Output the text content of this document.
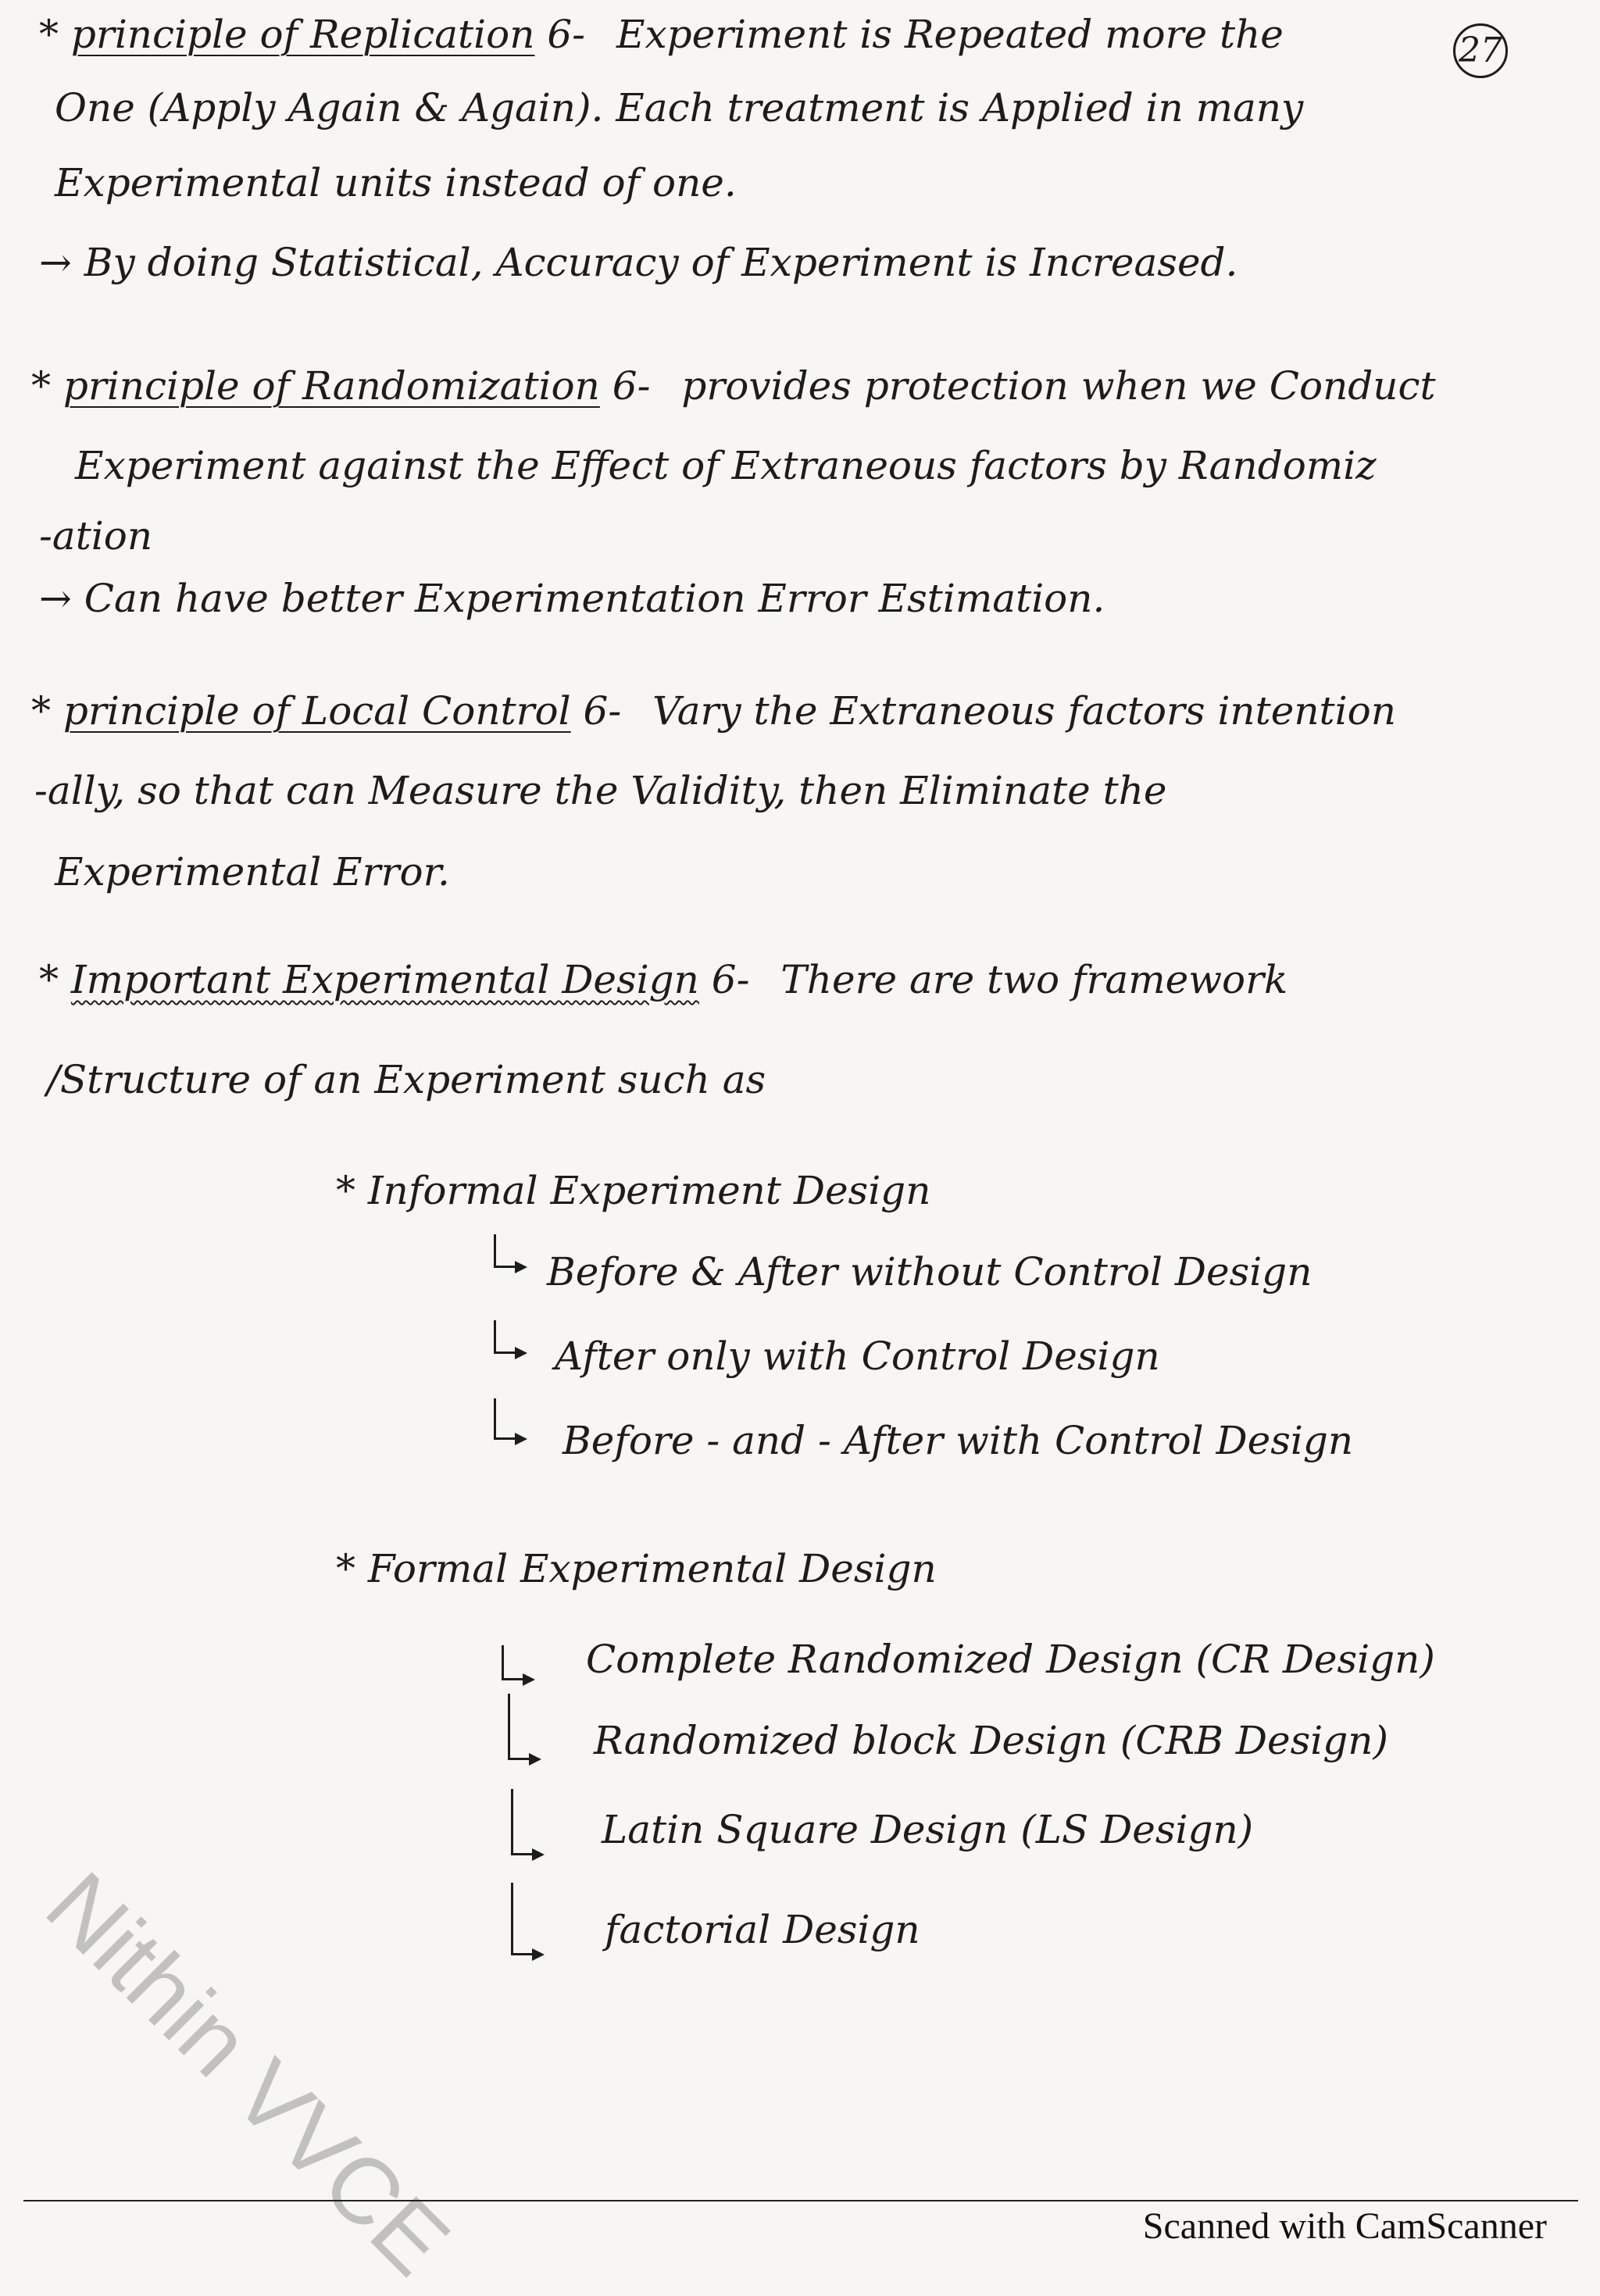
27
* principle of Replication 6- Experiment is Repeated more the
One (Apply Again & Again). Each treatment is Applied in many
Experimental units instead of one.
→ By doing Statistical, Accuracy of Experiment is Increased.
* principle of Randomization 6- provides protection when we Conduct
Experiment against the Effect of Extraneous factors by Randomiz
-ation
→ Can have better Experimentation Error Estimation.
* principle of Local Control 6- Vary the Extraneous factors intention
-ally, so that can Measure the Validity, then Eliminate the
Experimental Error.
* Important Experimental Design 6- There are two framework
/Structure of an Experiment such as
* Informal Experiment Design
Before & After without Control Design
After only with Control Design
Before - and - After with Control Design
* Formal Experimental Design
Complete Randomized Design (CR Design)
Randomized block Design (CRB Design)
Latin Square Design (LS Design)
factorial Design
Nithin VVCE	Scanned with CamScanner
